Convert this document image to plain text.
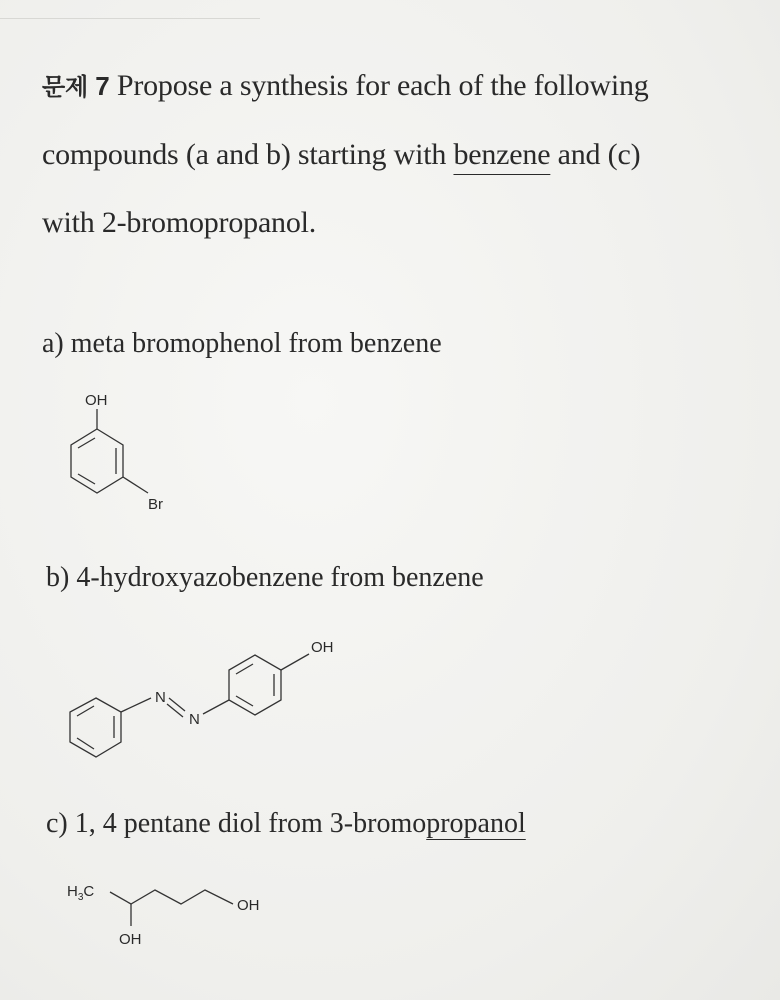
문제 7 Propose a synthesis for each of the following
compounds (a and b) starting with benzene and (c)
with 2-bromopropanol.
a) meta bromophenol from benzene
OH
Br
b) 4-hydroxyazobenzene from benzene
N
N
OH
c) 1, 4 pentane diol from 3-bromopropanol
$H_3C$
OH
OH
